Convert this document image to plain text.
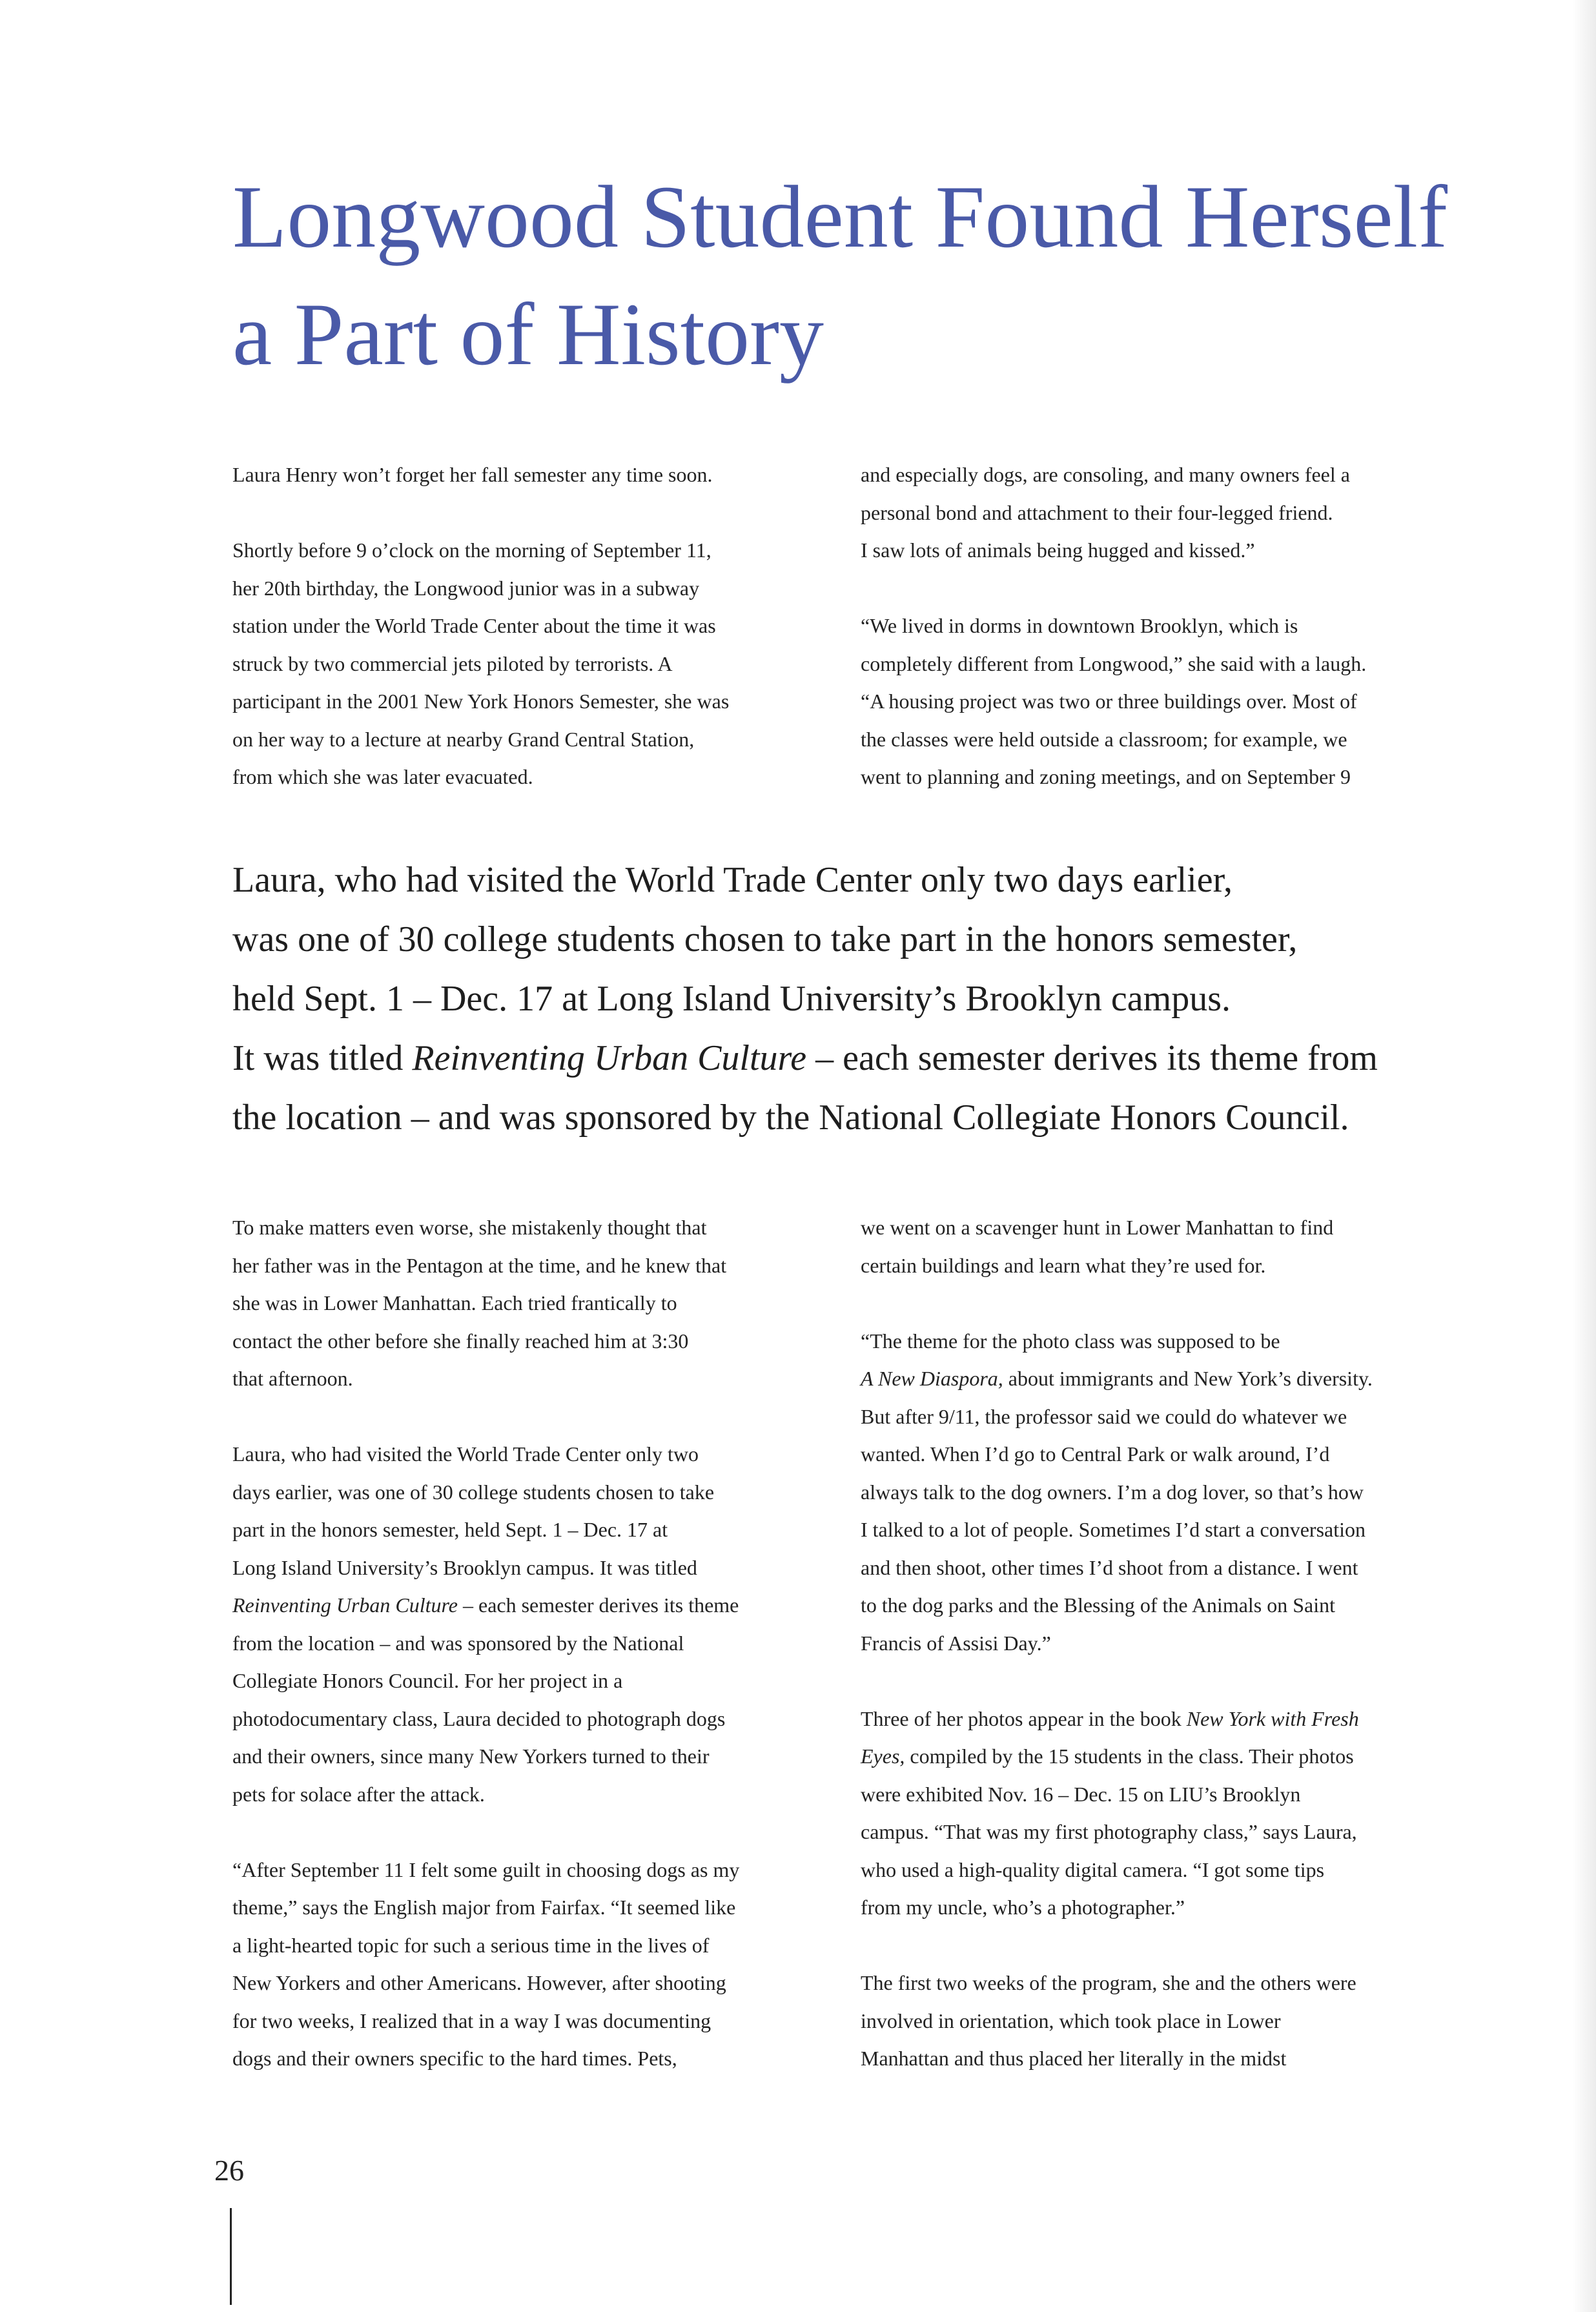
Longwood Student Found Herself
a Part of History

Laura Henry won’t forget her fall semester any time soon.

Shortly before 9 o’clock on the morning of September 11,
her 20th birthday, the Longwood junior was in a subway
station under the World Trade Center about the time it was
struck by two commercial jets piloted by terrorists. A
participant in the 2001 New York Honors Semester, she was
on her way to a lecture at nearby Grand Central Station,
from which she was later evacuated.

and especially dogs, are consoling, and many owners feel a
personal bond and attachment to their four-legged friend.
I saw lots of animals being hugged and kissed.”

“We lived in dorms in downtown Brooklyn, which is
completely different from Longwood,” she said with a laugh.
“A housing project was two or three buildings over. Most of
the classes were held outside a classroom; for example, we
went to planning and zoning meetings, and on September 9

Laura, who had visited the World Trade Center only two days earlier,
was one of 30 college students chosen to take part in the honors semester,
held Sept. 1 – Dec. 17 at Long Island University’s Brooklyn campus.
It was titled Reinventing Urban Culture – each semester derives its theme from
the location – and was sponsored by the National Collegiate Honors Council.

To make matters even worse, she mistakenly thought that
her father was in the Pentagon at the time, and he knew that
she was in Lower Manhattan. Each tried frantically to
contact the other before she finally reached him at 3:30
that afternoon.

Laura, who had visited the World Trade Center only two
days earlier, was one of 30 college students chosen to take
part in the honors semester, held Sept. 1 – Dec. 17 at
Long Island University’s Brooklyn campus. It was titled
Reinventing Urban Culture – each semester derives its theme
from the location – and was sponsored by the National
Collegiate Honors Council. For her project in a
photodocumentary class, Laura decided to photograph dogs
and their owners, since many New Yorkers turned to their
pets for solace after the attack.

“After September 11 I felt some guilt in choosing dogs as my
theme,” says the English major from Fairfax. “It seemed like
a light-hearted topic for such a serious time in the lives of
New Yorkers and other Americans. However, after shooting
for two weeks, I realized that in a way I was documenting
dogs and their owners specific to the hard times. Pets,

we went on a scavenger hunt in Lower Manhattan to find
certain buildings and learn what they’re used for.

“The theme for the photo class was supposed to be
A New Diaspora, about immigrants and New York’s diversity.
But after 9/11, the professor said we could do whatever we
wanted. When I’d go to Central Park or walk around, I’d
always talk to the dog owners. I’m a dog lover, so that’s how
I talked to a lot of people. Sometimes I’d start a conversation
and then shoot, other times I’d shoot from a distance. I went
to the dog parks and the Blessing of the Animals on Saint
Francis of Assisi Day.”

Three of her photos appear in the book New York with Fresh
Eyes, compiled by the 15 students in the class. Their photos
were exhibited Nov. 16 – Dec. 15 on LIU’s Brooklyn
campus. “That was my first photography class,” says Laura,
who used a high-quality digital camera. “I got some tips
from my uncle, who’s a photographer.”

The first two weeks of the program, she and the others were
involved in orientation, which took place in Lower
Manhattan and thus placed her literally in the midst

26
